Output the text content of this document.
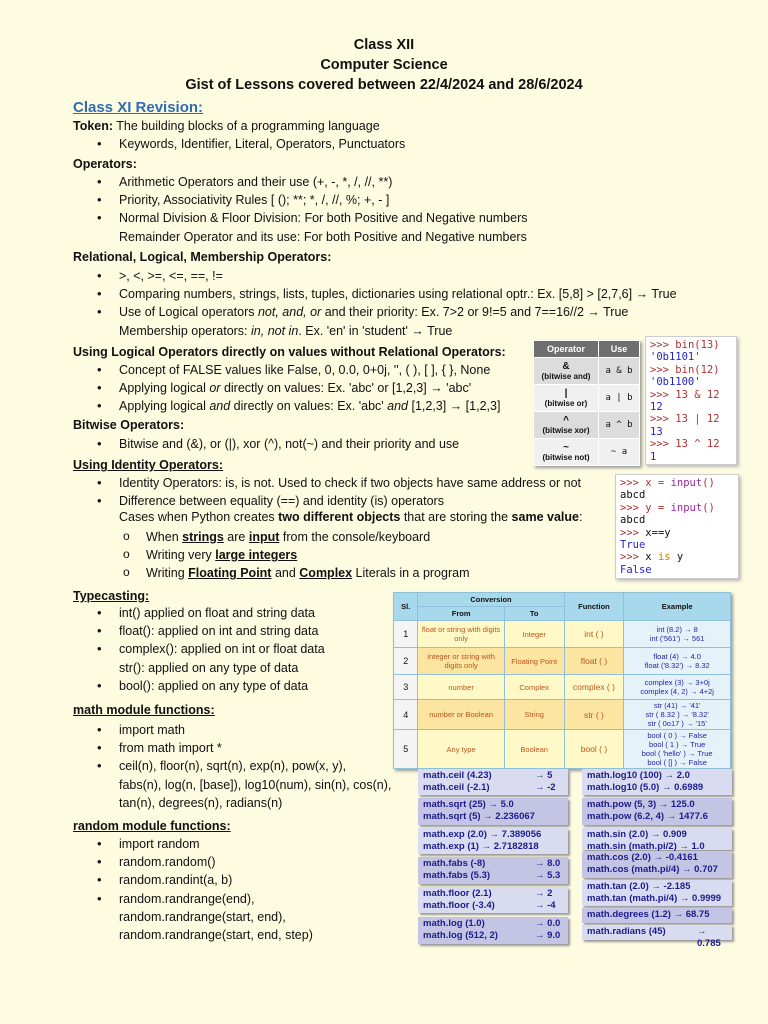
Class XII
Computer Science
Gist of Lessons covered between 22/4/2024 and 28/6/2024
Class XI Revision:
Token: The building blocks of a programming language
• Keywords, Identifier, Literal, Operators, Punctuators
Operators:
• Arithmetic Operators and their use (+, -, *, /, //, **)
• Priority, Associativity Rules [ (); **; *, /, //, %; +, - ]
• Normal Division & Floor Division: For both Positive and Negative numbers
Remainder Operator and its use: For both Positive and Negative numbers
Relational, Logical, Membership Operators:
• >, <, >=, <=, ==, !=
• Comparing numbers, strings, lists, tuples, dictionaries using relational optr.: Ex. [5,8] > [2,7,6] → True
• Use of Logical operators not, and, or and their priority: Ex. 7>2 or 9!=5 and 7==16//2 → True
Membership operators: in, not in. Ex. 'en' in 'student' → True
Using Logical Operators directly on values without Relational Operators:
• Concept of FALSE values like False, 0, 0.0, 0+0j, '', ( ), [ ], { }, None
• Applying logical or directly on values: Ex. 'abc' or [1,2,3] → 'abc'
• Applying logical and directly on values: Ex. 'abc' and [1,2,3] → [1,2,3]
Bitwise Operators:
• Bitwise and (&), or (|), xor (^), not(~) and their priority and use
Operator	Use

&
(bitwise and)	a & b

|
(bitwise or)	a | b

^
(bitwise xor)	a ^ b

~
(bitwise not)	~ a
>>> bin(13)
'0b1101'
>>> bin(12)
'0b1100'
>>> 13 & 12
12
>>> 13 | 12
13
>>> 13 ^ 12
1
Using Identity Operators:
• Identity Operators: is, is not. Used to check if two objects have same address or not
• Difference between equality (==) and identity (is) operators
Cases when Python creates two different objects that are storing the same value:
o When strings are input from the console/keyboard
o Writing very large integers
o Writing Floating Point and Complex Literals in a program
>>> x = input()
abcd
>>> y = input()
abcd
>>> x==y
True
>>> x is y
False
Typecasting:
• int() applied on float and string data
• float(): applied on int and string data
• complex(): applied on int or float data
str(): applied on any type of data
• bool(): applied on any type of data
Sl.	Conversion		Function	Example
	From	To		
1	float or string with digits only	Integer	int ( )	int (8.2) → 8
int ('561') → 561

2	integer or string with digits only	Floating Point	float ( )	float (4) → 4.0
float ('8.32') → 8.32

3	number	Complex	complex ( )	complex (3) → 3+0j
complex (4, 2) → 4+2j

4	number or Boolean	String	str ( )	str (41) → '41'
str ( 8.32 ) → '8.32'
str ( 0o17 ) → '15'

5	Any type	Boolean	bool ( )	bool ( 0 ) → False
bool ( 1 ) → True
bool ( 'hello' ) → True
bool ( [] ) → False
math module functions:
• import math
• from math import *
• ceil(n), floor(n), sqrt(n), exp(n), pow(x, y),
fabs(n), log(n, [base]), log10(num), sin(n), cos(n),
tan(n), degrees(n), radians(n)
math.ceil (4.23)	→ 5
math.ceil (-2.1)	→ -2
math.sqrt (25) → 5.0
math.sqrt (5) → 2.236067
math.exp (2.0) → 7.389056
math.exp (1) → 2.7182818
math.fabs (-8)	→ 8.0
math.fabs (5.3)	→ 5.3
math.floor (2.1)	→ 2
math.floor (-3.4)	→ -4
math.log (1.0)	→ 0.0
math.log (512, 2)	→ 9.0
math.log10 (100) → 2.0
math.log10 (5.0) → 0.6989
math.pow (5, 3) → 125.0
math.pow (6.2, 4) → 1477.6
math.sin (2.0) → 0.909
math.sin (math.pi/2) → 1.0
math.cos (2.0) → -0.4161
math.cos (math.pi/4) → 0.707
math.tan (2.0) → -2.185
math.tan (math.pi/4) → 0.9999
math.degrees (1.2) → 68.75
math.radians (45)	→ 0.785
random module functions:
• import random
• random.random()
• random.randint(a, b)
• random.randrange(end),
random.randrange(start, end),
random.randrange(start, end, step)
